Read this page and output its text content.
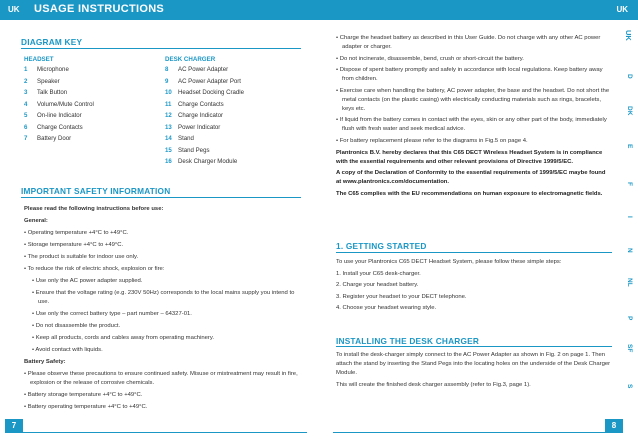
UK USAGE INSTRUCTIONS	UK
DIAGRAM KEY
HEADSET
1 Microphone
2 Speaker
3 Talk Button
4 Volume/Mute Control
5 On-line Indicator
6 Charge Contacts
7 Battery Door
DESK CHARGER
8 AC Power Adapter
9 AC Power Adapter Port
10 Headset Docking Cradle
11 Charge Contacts
12 Charge Indicator
13 Power Indicator
14 Stand
15 Stand Pegs
16 Desk Charger Module
IMPORTANT SAFETY INFORMATION

Please read the following instructions before use:

General:

• Operating temperature +4°C to +49°C.

• Storage temperature +4°C to +49°C.

• The product is suitable for indoor use only.

• To reduce the risk of electric shock, explosion or fire:

• Use only the AC power adapter supplied.

• Ensure that the voltage rating (e.g. 230V 50Hz) corresponds to the local mains supply you intend to use.

• Use only the correct battery type – part number – 64327-01.

• Do not disassemble the product.

• Keep all products, cords and cables away from operating machinery.

• Avoid contact with liquids.

Battery Safety:

• Please observe these precautions to ensure continued safety. Misuse or mistreatment may result in fire, explosion or the release of corrosive chemicals.

• Battery storage temperature +4°C to +49°C.

• Battery operating temperature +4°C to +49°C.

7

• Charge the headset battery as described in this User Guide. Do not charge with any other AC power adapter or charger.

• Do not incinerate, disassemble, bend, crush or short-circuit the battery.

• Dispose of spent battery promptly and safely in accordance with local regulations. Keep battery away from children.

• Exercise care when handling the battery, AC power adapter, the base and the headset. Do not short the metal contacts (on the plastic casing) with electrically conducting materials such as rings, bracelets, keys etc.

• If liquid from the battery comes in contact with the eyes, skin or any other part of the body, immediately flush with fresh water and seek medical advice.

• For battery replacement please refer to the diagrams in Fig.5 on page 4.

Plantronics B.V. hereby declares that this C65 DECT Wireless Headset System is in compliance with the essential requirements and other relevant provisions of Directive 1999/5/EC.

A copy of the Declaration of Conformity to the essential requirements of 1999/5/EC maybe found at www.plantronics.com/documentation.

The C65 complies with the EU recommendations on human exposure to electromagnetic fields.

1. GETTING STARTED

To use your Plantronics C65 DECT Headset System, please follow these simple steps:

1. Install your C65 desk-charger.

2. Charge your headset battery.

3. Register your headset to your DECT telephone.

4. Choose your headset wearing style.

INSTALLING THE DESK CHARGER

To install the desk-charger simply connect to the AC Power Adapter as shown in Fig. 2 on page 1. Then attach the stand by inserting the Stand Pegs into the locating holes on the underside of the Desk Charger Module.

This will create the finished desk charger assembly (refer to Fig.3, page 1).

8
UK
D
DK
E
F
I
N
NL
P
SF
S
